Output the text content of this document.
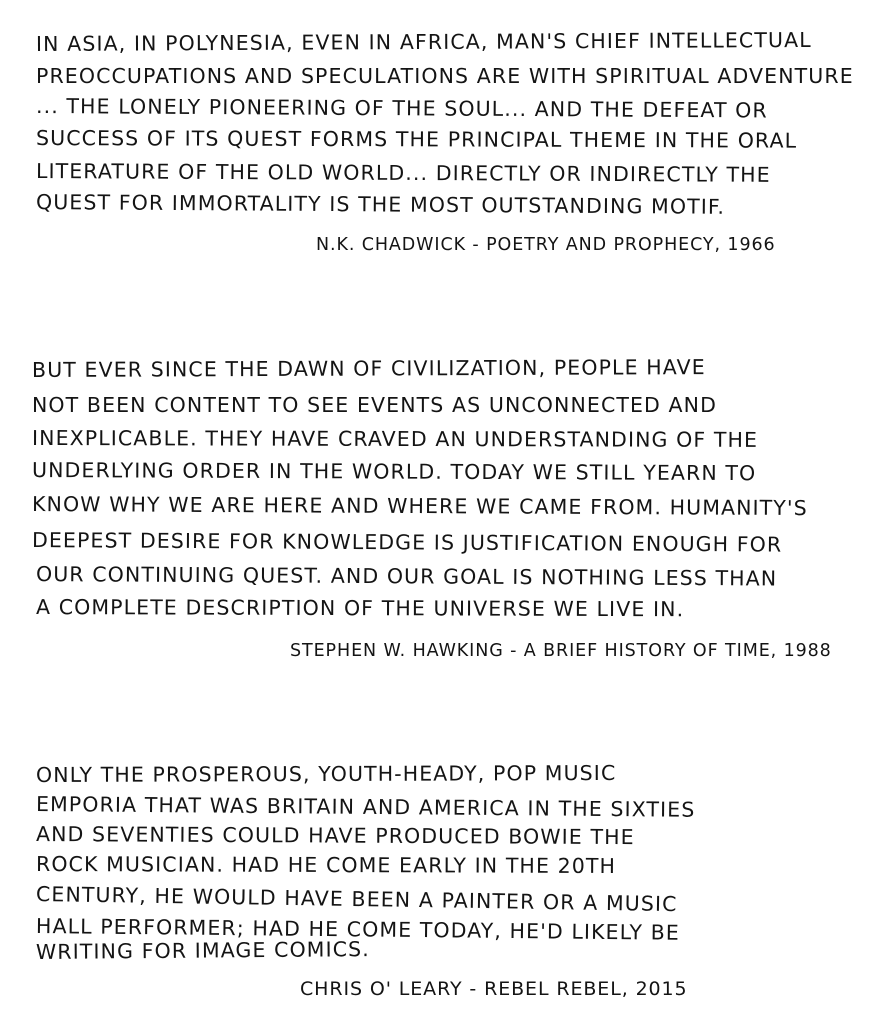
IN ASIA, IN POLYNESIA, EVEN IN AFRICA, MAN'S CHIEF INTELLECTUAL
PREOCCUPATIONS AND SPECULATIONS ARE WITH SPIRITUAL ADVENTURE
... THE LONELY PIONEERING OF THE SOUL... AND THE DEFEAT OR
SUCCESS OF ITS QUEST FORMS THE PRINCIPAL THEME IN THE ORAL
LITERATURE OF THE OLD WORLD... DIRECTLY OR INDIRECTLY THE
QUEST FOR IMMORTALITY IS THE MOST OUTSTANDING MOTIF.
N.K. CHADWICK - POETRY AND PROPHECY, 1966
BUT EVER SINCE THE DAWN OF CIVILIZATION, PEOPLE HAVE
NOT BEEN CONTENT TO SEE EVENTS AS UNCONNECTED AND
INEXPLICABLE. THEY HAVE CRAVED AN UNDERSTANDING OF THE
UNDERLYING ORDER IN THE WORLD. TODAY WE STILL YEARN TO
KNOW WHY WE ARE HERE AND WHERE WE CAME FROM. HUMANITY'S
DEEPEST DESIRE FOR KNOWLEDGE IS JUSTIFICATION ENOUGH FOR
OUR CONTINUING QUEST. AND OUR GOAL IS NOTHING LESS THAN
A COMPLETE DESCRIPTION OF THE UNIVERSE WE LIVE IN.
STEPHEN W. HAWKING - A BRIEF HISTORY OF TIME, 1988
ONLY THE PROSPEROUS, YOUTH-HEADY, POP MUSIC
EMPORIA THAT WAS BRITAIN AND AMERICA IN THE SIXTIES
AND SEVENTIES COULD HAVE PRODUCED BOWIE THE
ROCK MUSICIAN. HAD HE COME EARLY IN THE 20TH
CENTURY, HE WOULD HAVE BEEN A PAINTER OR A MUSIC
HALL PERFORMER; HAD HE COME TODAY, HE'D LIKELY BE
WRITING FOR IMAGE COMICS.
CHRIS O' LEARY - REBEL REBEL, 2015
